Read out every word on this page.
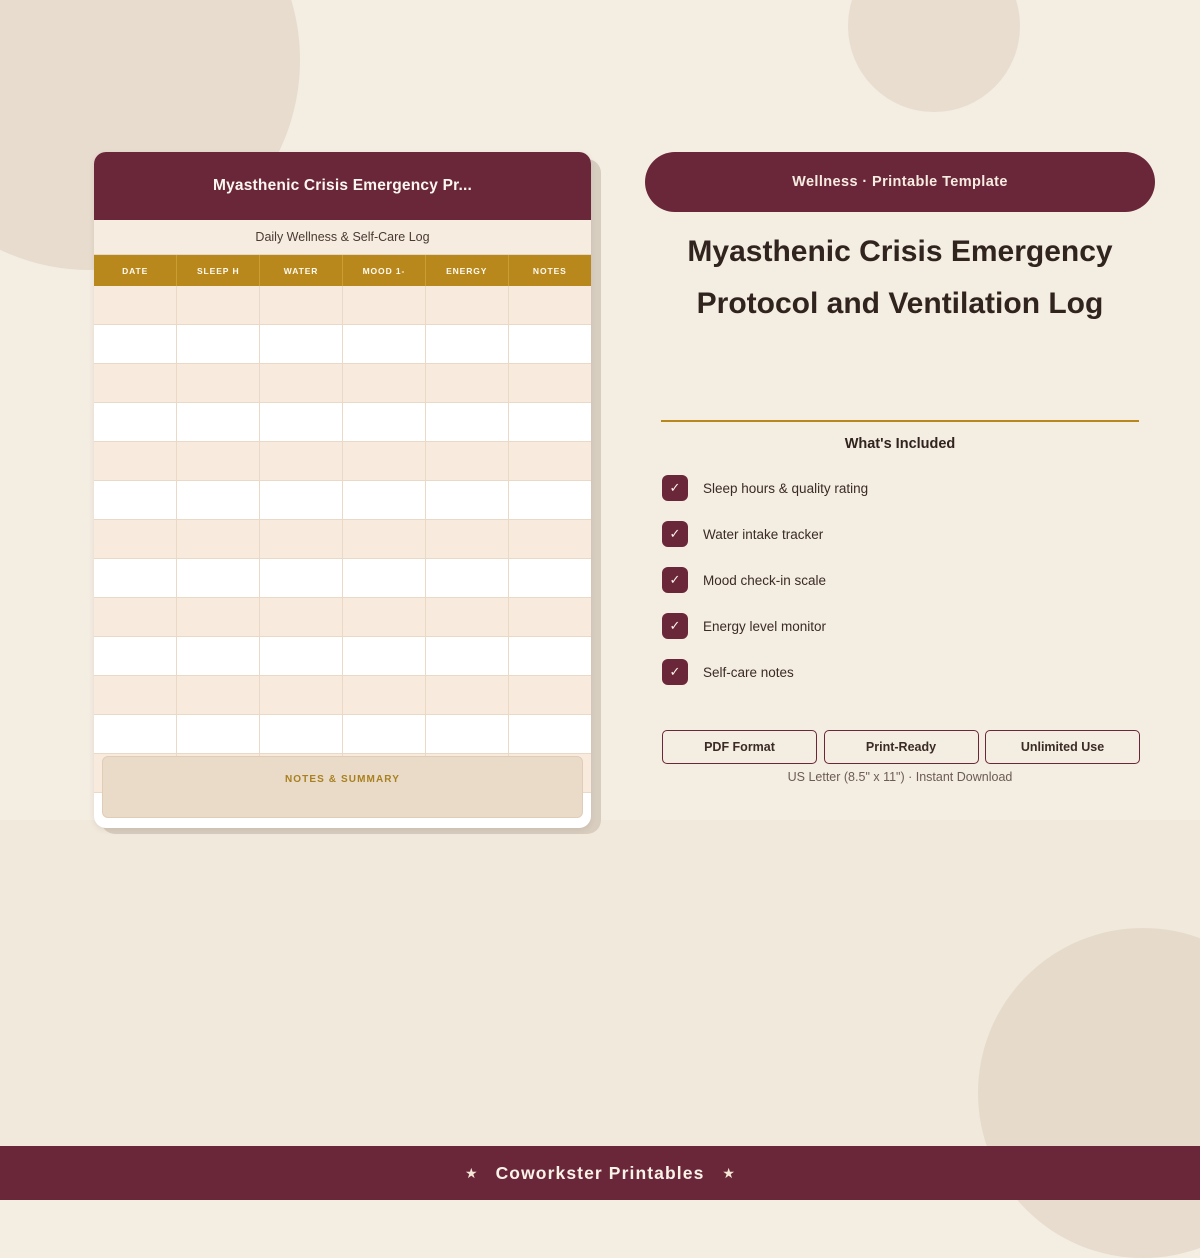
Myasthenic Crisis Emergency Pr...
Daily Wellness & Self-Care Log
DATE	SLEEP H	WATER	MOOD 1-	ENERGY	NOTES

NOTES & SUMMARY
Wellness · Printable Template
Myasthenic Crisis Emergency Protocol and Ventilation Log
What's Included
✓	Sleep hours & quality rating
✓	Water intake tracker
✓	Mood check-in scale
✓	Energy level monitor
✓	Self-care notes
PDF Format	Print-Ready	Unlimited Use
US Letter (8.5" x 11") · Instant Download
★ Coworkster Printables ★
